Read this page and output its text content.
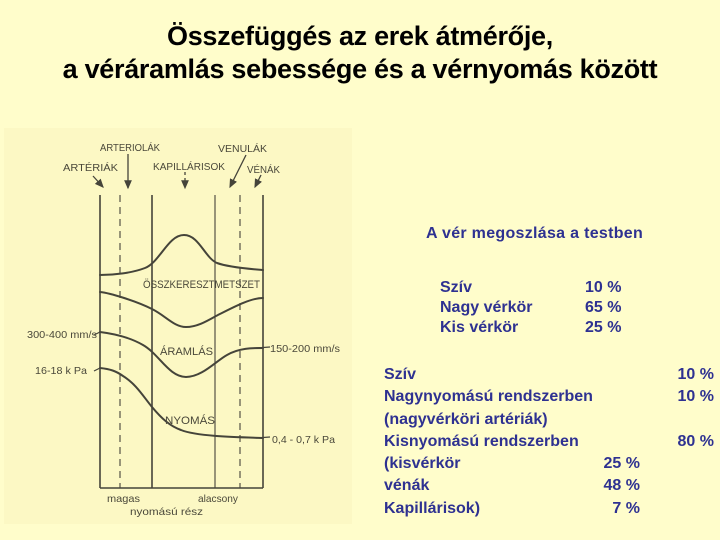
Összefüggés az erek átmérője,
a véráramlás sebessége és a vérnyomás között
ARTÉRIÁK
ARTERIOLÁK
KAPILLÁRISOK
VENULÁK
VÉNÁK
ÖSSZKERESZTMETSZET
ÁRAMLÁS
NYOMÁS
300-400 mm/s
16-18 k Pa
150-200 mm/s
0,4 - 0,7 k Pa
magas	alacsony
nyomású rész
A vér megoszlása a testben
Szív	10 %
Nagy vérkör	65 %
Kis vérkör	25 %
Szív	10 %
Nagynyomású rendszerben	10 %
(nagyvérköri artériák)
Kisnyomású rendszerben	80 %
(kisvérkör	25 %
vénák	48 %
Kapillárisok)	7 %
